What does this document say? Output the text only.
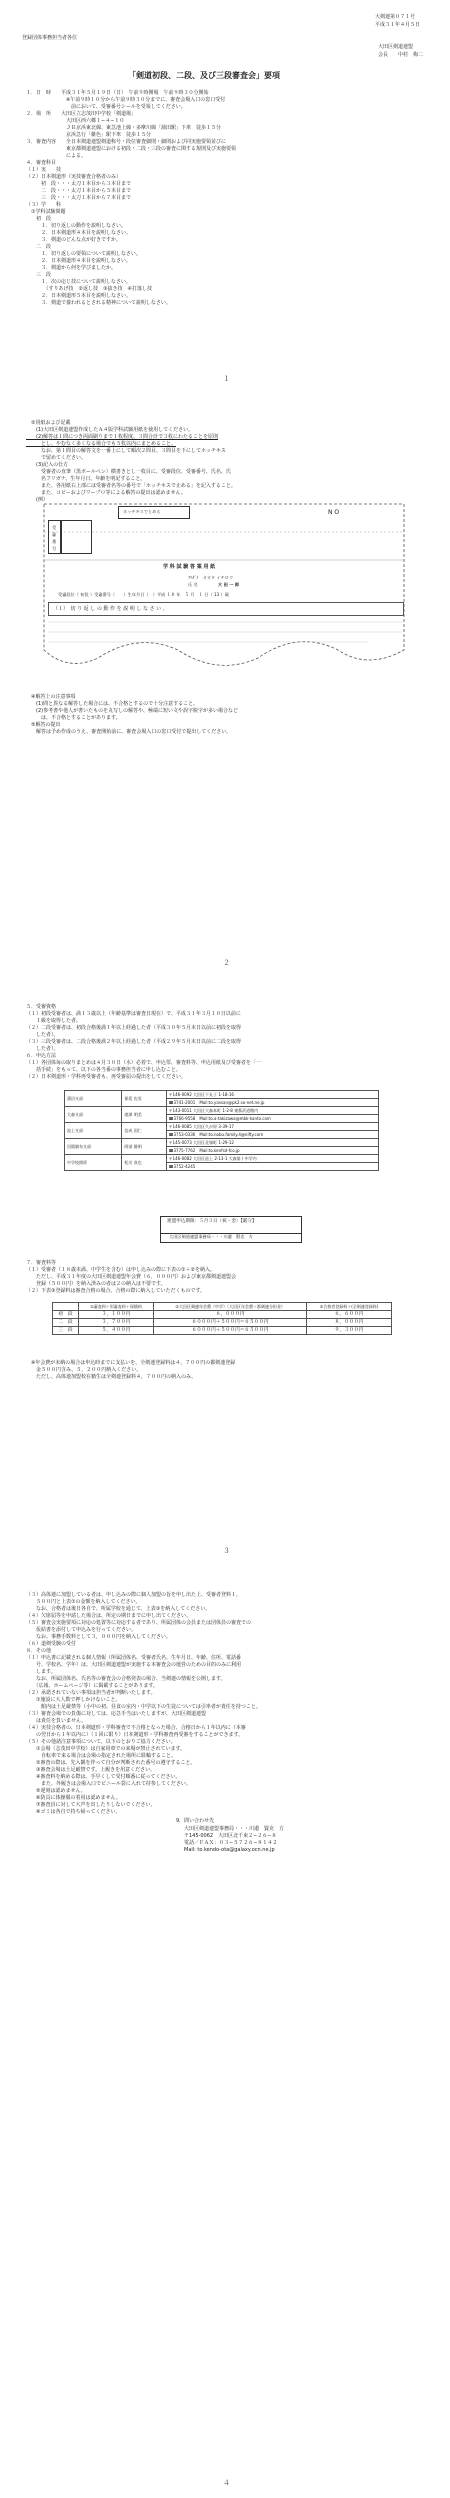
大剣連第０７１号
平成３１年４月５日
登録団体事務担当者各位
大田区剣道連盟
会長　　中村　梅二
「剣道初段、二段、及び三段審査会」要項
１．日　時　　平成３１年５月１９日（日）　午前９時開場　午前９時３０分開始
　　　　　　　　※午前９時１０分から午前９時３０分までに、審査会場入口の窓口受付
　　　　　　　　　前において、受審番号シールを受領してください。
２．場　所　　大田区立志茂田中学校「剣道場」
　　　　　　　　大田区西六郷１−４−１０
　　　　　　　　ＪＲ京浜東北線、東急池上線・多摩川線「蒲田駅」下車　徒歩１５分
　　　　　　　　京浜急行「雑色」駅下車　徒歩１５分
３．審査内容　　全日本剣道連盟剣道称号・段位審査細則・細則および同実施要領並びに
　　　　　　　　東京都剣道連盟における初段・二段・三段の審査に関する規則及び実施要領
　　　　　　　　による。
４．審査科目
（１）実　　技
（２）日本剣道形（実技審査合格者のみ）
　　　初　段・・・太刀１本目から３本目まで
　　　二　段・・・太刀１本目から５本目まで
　　　三　段・・・太刀１本目から７本目まで
（３）学　　科
　①学科試験問題
　　初　段
　　　１．切り返しの動作を説明しなさい。
　　　２．日本剣道形４本目を説明しなさい。
　　　３．剣道のどんな点が好きですか。
　　二　段
　　　１．切り返しの要領について説明しなさい。
　　　２．日本剣道形４本目を説明しなさい。
　　　３．剣道から何を学びましたか。
　　三　段
　　　１．次の応じ技について説明しなさい。
　　　　（すりあげ技　②返し技　③抜き技　④打落し技
　　　２．日本剣道形５本目を説明しなさい。
　　　３．剣道で養われるとされる精神について説明しなさい。
１
　②用紙および記載
　　(1)大田区剣道連盟作成したＡ４版学科試験用紙を使用してください。
　　(2)解答は１問につき両面刷りまで１枚程度、３問合計で３枚にわたることを原則
　　　とし、やむなく多くなる場合でも５枚以内にまとめること。
　　　なお、第１問目の解答文を一番上にして順次２問目、３問目を下にしてホッチキス
　　　で留めてください。
　　(3)記入の仕方
　　　受審者の直筆（黒ボールペン）横書きとし一枚目に、受審段位、受審番号、氏名、氏
　　　名フリガナ、生年月日、年齢を明記すること。
　　　また、各用紙右上部には受審者名等の番号で「ホッチキスで止める」を記入すること。
　　　また、コピーおよびワープロ等による解答の提出は認めません。
　　(例）
ホッチキスでとめる	N O
受
審
番
号
学 科 試 験 答 案 用 紙
ﾌﾘｶﾞﾅ　オオタ イチロウ
氏 名	大 田 一 郎
受審段位（ 初段 ）受審番号（　　）生年月日（　）平成 １８ 年　５ 月　１ 日（ 13 ）歳
（１）　切 り 返 し の 動 作 を 説 明 し な さ い 。
　④解答上の注意事項
　　(1)問と異なる解答した場合には、不合格とするので十分注意すること。
　　(2)参考書や他人が書いたものを丸写しの解答や、極端に短い文や誤字脱字が多い場合など
　　　は、不合格とすることがあります。
　⑤解答の提出
　　解答は予め作成のうえ、審査開始前に、審査会場入口の窓口受付で提出してください。
２
５．受審資格
（１）初段受審者は、満１３歳以上（年齢基準は審査日現在）で、平成３１年３月１０日以前に
　　１級を取得した者。
（２）二段受審者は、初段合格後満１年以上経過した者（平成３０年５月末日以前に初段を取得
　　した者）。
（３）三段受審者は、二段合格後満２年以上経過した者（平成２９年５月末日以前に二段を取得
　　した者）。
６．申込方法
（１）各団体毎の取りまとめは４月３０日（水）必着で、申込票、審査料等、申込用紙及び受審者を「一
　　括手続」をもって、以下の各当番の事務担当者に申し込むこと。
（２）日本剣道形・学科再受審者も、再受審届の提出をしてください。
蒲田支部	保坂 佐男	〒146-0092 大田区下丸子 1-18-16
		☎3741-2001　Mail:to.yassan@pk2.so-net.ne.jp
大森支部	滝澤 明美	〒143-0011 大田区大森本町 1-2-8 東都武道館内
		☎3766-9558　Mail:to.a-takizawa@mbk-kanto.com
池上支部	信成 国仁	〒146-0085 大田区久が原 3-39-17
		☎3753-0336　Mail:to.nobu.family.4@nifty.com
田園調布支部	阿部 勝明	〒145-0073 大田区北嶺町 1-29-12
		☎3775-7762　Mail:to.kenfsd-fco.jp
中学校関係	松川 真也	〒146-0082 大田区池上 2-13-1 大森第十中学内
		☎3752-4245
連盟申込期限：５月３日（祝・金）【厳守】
大田区剣道連盟事務局・・・川邉　賢克　方
７．審査料等
（１）受審者（１８歳未満、中学生を含む）は申し込みの際に下表の①＋②を納入。
　　ただし、平成３１年度の大田区剣道連盟年会費（６，０００円）および東京都剣道連盟会
　　登録（５００円）を納入済みの者は２の納入は不要です。
（２）下表③登録料は審査合格の場合、合格の際に納入していただくものです。
	①審査料＋形審査料＋保険料	②大田区剣連年会費（中学）（大田区年会費＋都剣連分担金）	③合格者登録料＋(全剣連登録料)
初　段	３，１００円	６，０００円	６，６００円
二　段	３，７００円	６０００円＋５００円＝６５００円	８，０００円
三　段	５，４００円	６０００円＋５００円＝６５００円	９，３００円
　※年会費が未納の場合は申込時までに支払いを、全剣連登録料は４，７００円の都剣連登録
　　金５００円含み、５，２００円納入ください。
　　ただし、高体連加盟校在籍生は全剣連登録料４，７００円の納入のみ。
３
（３）高体連に加盟している者は、申し込みの際に個人加盟の旨を申し出た上、受審者登料１，
　　５００円と上表①の金額を納入してください。
　　なお、合格者は後日各自で、所属学校を通じて、上表③を納入してください。
（４）欠席届等を申請した場合は、所定の期日までに申し出てください。
（５）審査会実施要項に対応の処置等に対応する者であり、所属団体の会員または団体員の審査での
　　仮結書を添付して申込みを行ってください。
　　なお、事務手数料として３，０００円を納入してください。
（６）道剣受験の受付
８．その他
（１）申込書に記載される個人情報（所属団体名、受審者氏名、生年月日、年齢、住所、電話番
　　号、学校名、学年）は、大田区剣道連盟が実施する本審査会の運営のための目的のみに利用
　　します。
　　なお、所属団体名、氏名等の審査会の合格発表の場合、当剣連の情報を公開します。
　　（広報、ホームページ等）に掲載することがあります。
（２）承諾されていない事項は担当者が判断いたします。
　　①施設に大人数で押しかけないこと。
　　　館内は土足厳禁等（小中の初、昼食の室内・中学以下の生徒については引率者が責任を持つこと。
（３）審査会場での負傷に対しては、応急手当はいたしますが、大田区剣道連盟
　　は責任を負いません。
（４）実技合格者の、日本剣道形・学科審査で不合格となった場合、合格日から１年以内に（本審
　　の翌日から１年以内に）（１回に限り）日本剣道形・学科審査再受審をすることができます。
（５）その他諸注意事項について、以下のとおりご協力ください。
　　①会場（志茂田中学校）は自家用車での来場が禁止されています。
　　　自転車で来る場合は会場の指定された場所に駐輪すること。
　　②審査の際は、先入観を伴って自分が判断された番号の遵守すること。
　　③審査会場は土足厳禁です。上履きを用意ください。
　　④審査料を納める際は、手早くして受付順番に従ってください。
　　　また、外履きは会場入口でビニール袋に入れて持参してください。
　　⑤遅刻は認めません。
　　⑥防具に体操服の着用は認めません。
　　⑦審査員に対して大声を出したりしないでください。
　　⑧ゴミは各自で持ち帰ってください。
9．問い合わせ先
大田区剣道連盟事務局・・・川邉　賢克　方
〒145-0062　大田区北千束２−２６−８
電話／ＦＡＸ：０３−５７２６−８１４２
Mail: to.kendo-ota@galaxy.ocn.ne.jp
４
